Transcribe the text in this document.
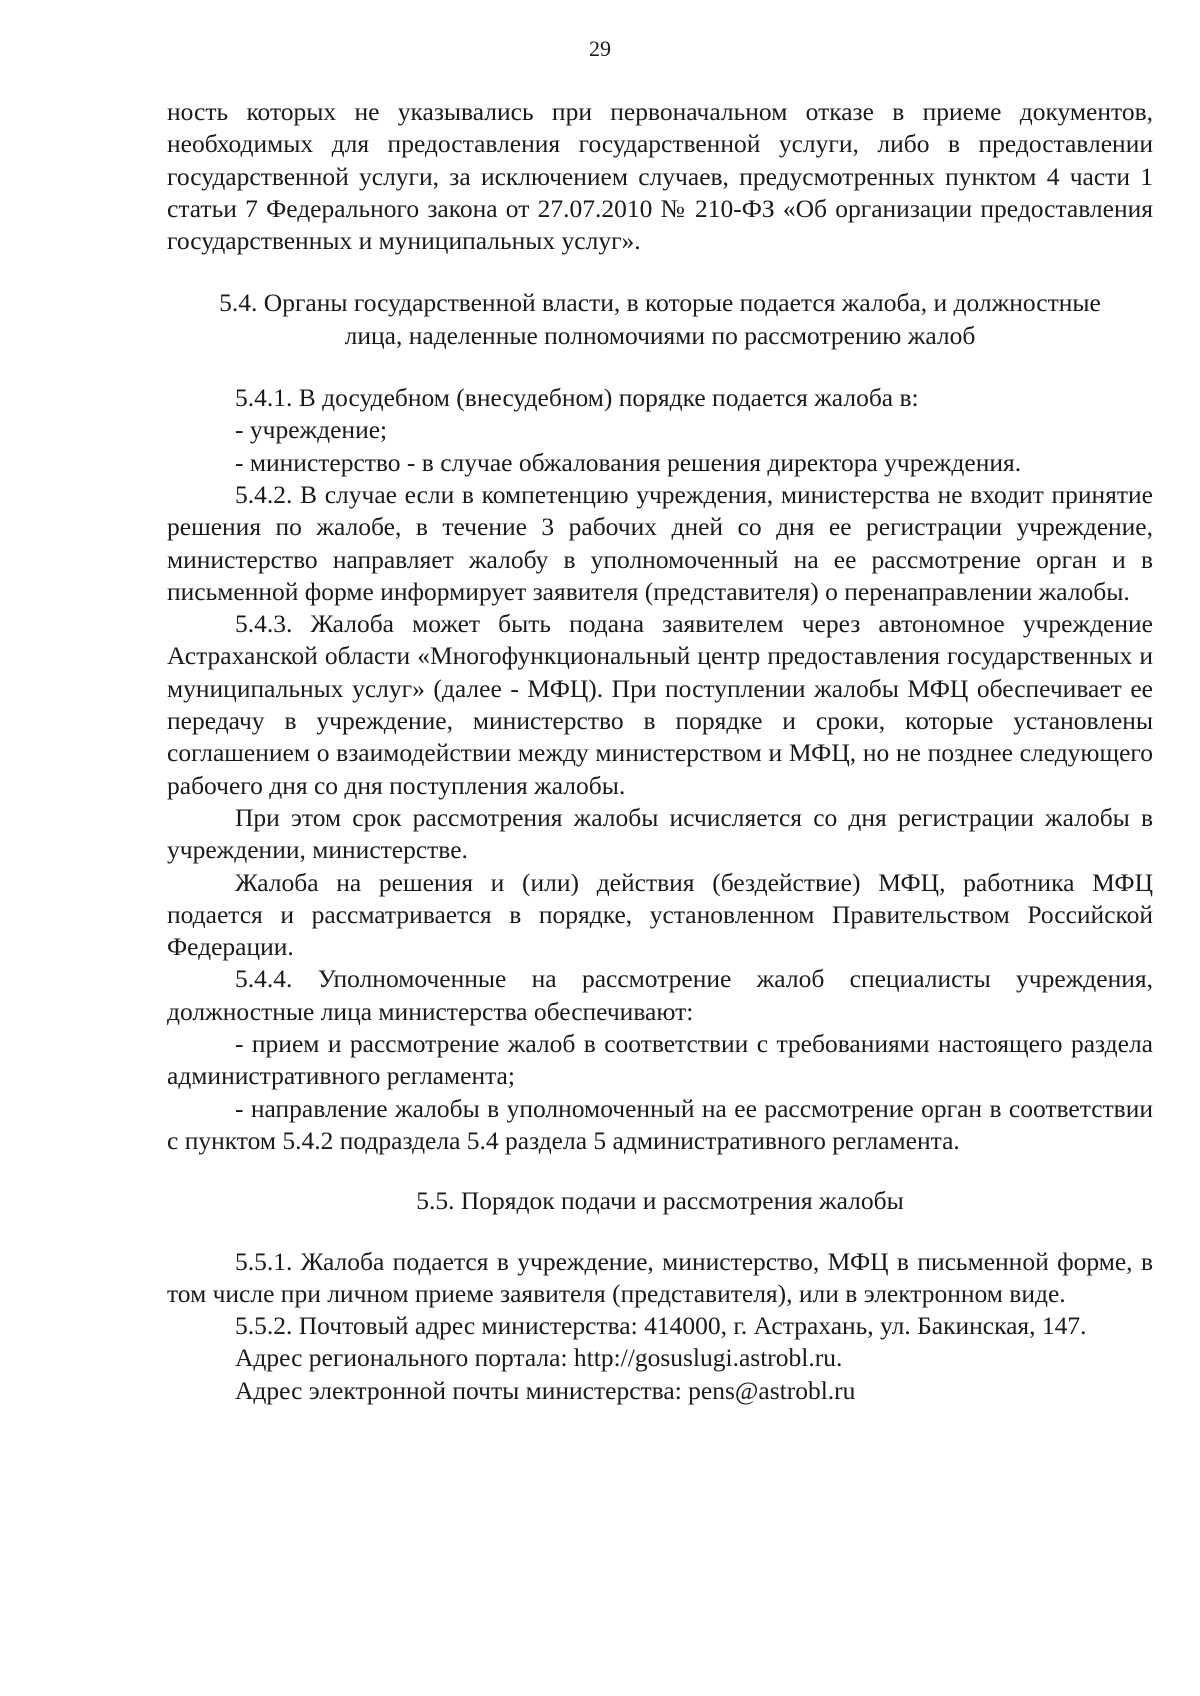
29

ность которых не указывались при первоначальном отказе в приеме документов, необходимых для предоставления государственной услуги, либо в предоставлении государственной услуги, за исключением случаев, предусмотренных пунктом 4 части 1 статьи 7 Федерального закона от 27.07.2010 № 210-ФЗ «Об организации предоставления государственных и муниципальных услуг».

5.4. Органы государственной власти, в которые подается жалоба, и должностные лица, наделенные полномочиями по рассмотрению жалоб

5.4.1. В досудебном (внесудебном) порядке подается жалоба в:

- учреждение;

- министерство - в случае обжалования решения директора учреждения.

5.4.2. В случае если в компетенцию учреждения, министерства не входит принятие решения по жалобе, в течение 3 рабочих дней со дня ее регистрации учреждение, министерство направляет жалобу в уполномоченный на ее рассмотрение орган и в письменной форме информирует заявителя (представителя) о перенаправлении жалобы.

5.4.3. Жалоба может быть подана заявителем через автономное учреждение Астраханской области «Многофункциональный центр предоставления государственных и муниципальных услуг» (далее - МФЦ). При поступлении жалобы МФЦ обеспечивает ее передачу в учреждение, министерство в порядке и сроки, которые установлены соглашением о взаимодействии между министерством и МФЦ, но не позднее следующего рабочего дня со дня поступления жалобы.

При этом срок рассмотрения жалобы исчисляется со дня регистрации жалобы в учреждении, министерстве.

Жалоба на решения и (или) действия (бездействие) МФЦ, работника МФЦ подается и рассматривается в порядке, установленном Правительством Российской Федерации.

5.4.4. Уполномоченные на рассмотрение жалоб специалисты учреждения, должностные лица министерства обеспечивают:

- прием и рассмотрение жалоб в соответствии с требованиями настоящего раздела административного регламента;

- направление жалобы в уполномоченный на ее рассмотрение орган в соответствии с пунктом 5.4.2 подраздела 5.4 раздела 5 административного регламента.

5.5. Порядок подачи и рассмотрения жалобы

5.5.1. Жалоба подается в учреждение, министерство, МФЦ в письменной форме, в том числе при личном приеме заявителя (представителя), или в электронном виде.

5.5.2. Почтовый адрес министерства: 414000, г. Астрахань, ул. Бакинская, 147.

Адрес регионального портала: http://gosuslugi.astrobl.ru.

Адрес электронной почты министерства: pens@astrobl.ru
